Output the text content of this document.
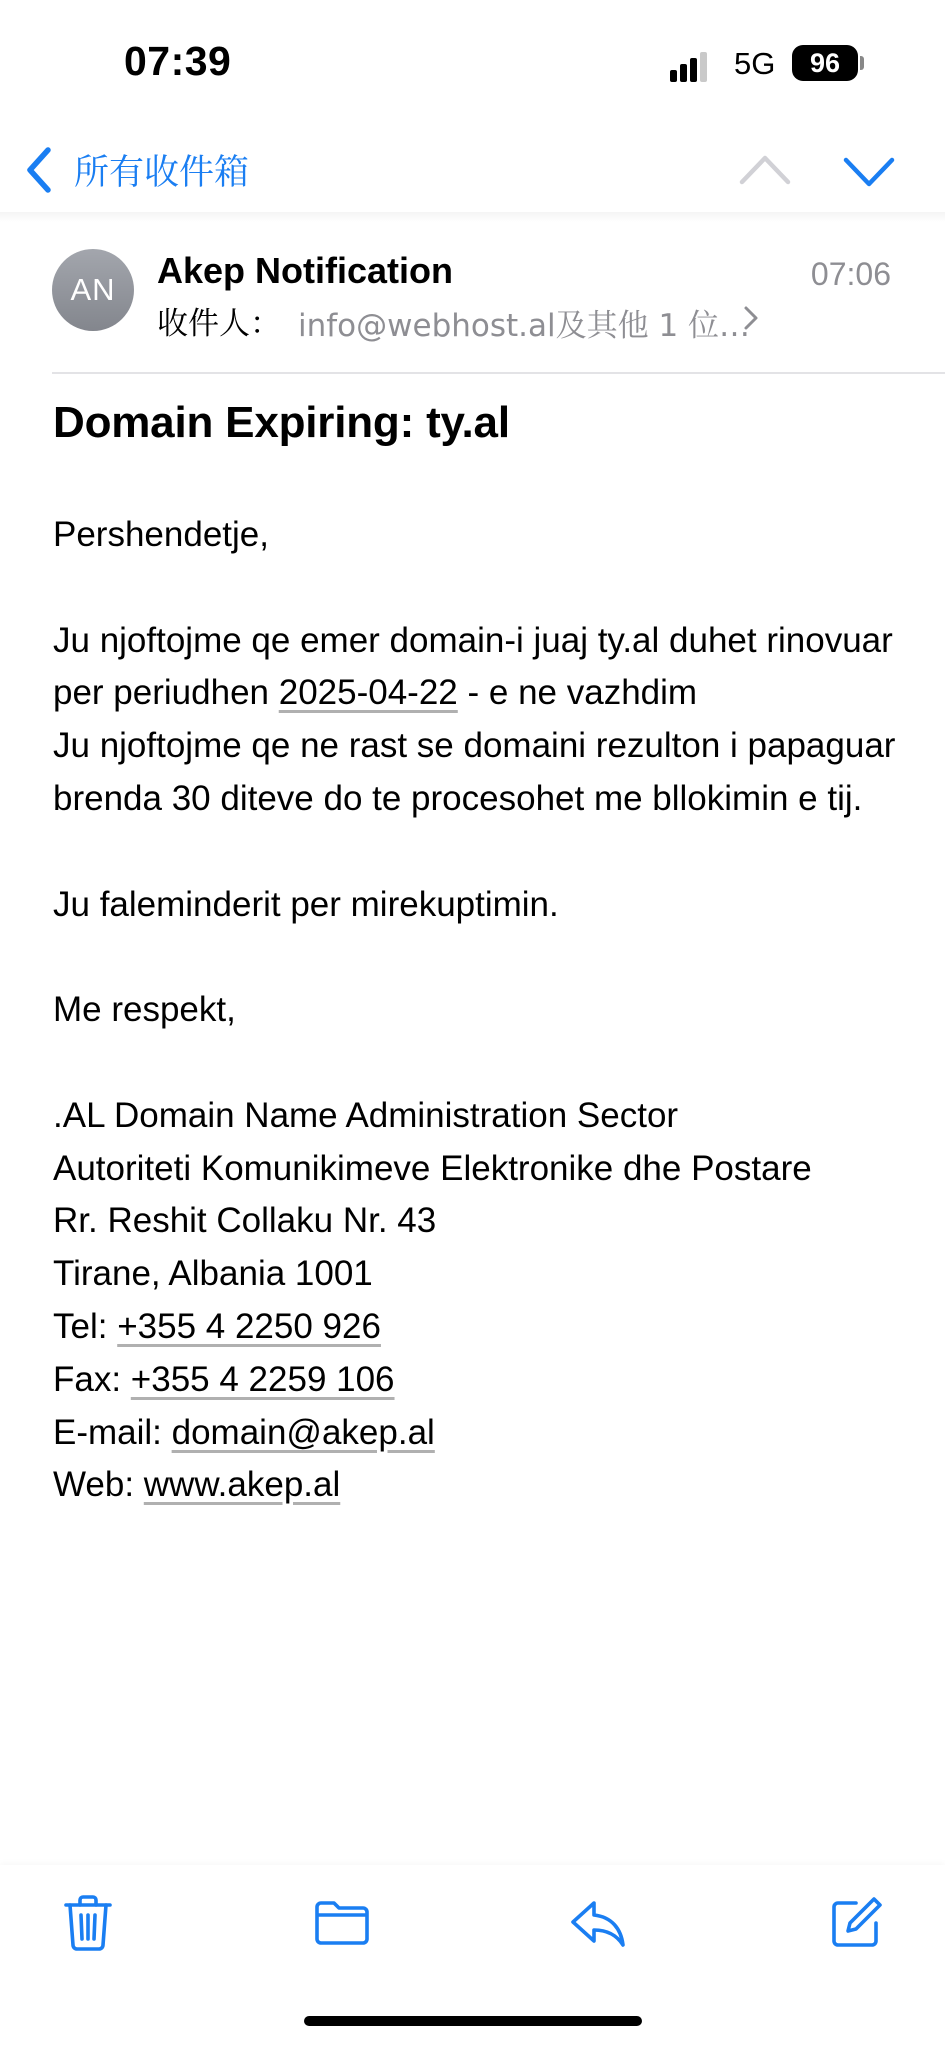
07:39	5G	96
所有收件箱
AN	Akep Notification	07:06
收件人： info@webhost.al及其他 1 位…
Domain Expiring: ty.al

Pershendetje,

Ju njoftojme qe emer domain-i juaj ty.al duhet rinovuar per periudhen 2025-04-22 - e ne vazhdim

Ju njoftojme qe ne rast se domaini rezulton i papaguar brenda 30 diteve do te procesohet me bllokimin e tij.

Ju faleminderit per mirekuptimin.

Me respekt,

.AL Domain Name Administration Sector

Autoriteti Komunikimeve Elektronike dhe Postare

Rr. Reshit Collaku Nr. 43

Tirane, Albania 1001

Tel: +355 4 2250 926

Fax: +355 4 2259 106

E-mail: domain@akep.al

Web: www.akep.al
